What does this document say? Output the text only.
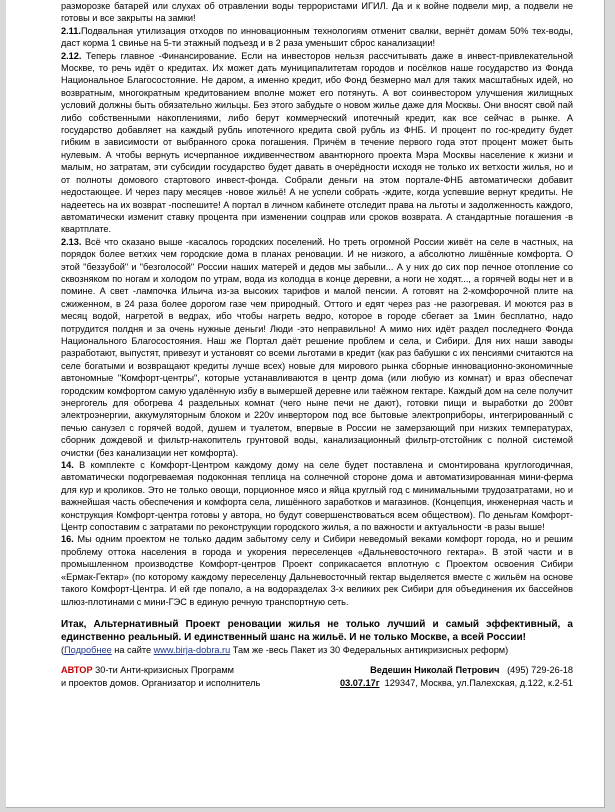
разморозке батарей или слухах об отравлении воды террористами ИГИЛ. Да и к войне подвели мир, а подвели не готовы и все закрыты на замки!

2.11.Подвальная утилизация отходов по инновационным технологиям отменит свалки, вернёт домам 50% тех-воды, даст корма 1 свинье на 5-ти этажный подъезд и в 2 раза уменьшит сброс канализации!

2.12. Теперь главное -Финансирование. Если на инвесторов нельзя рассчитывать даже в инвест-привлекательной Москве, то речь идёт о кредитах. Их может дать муниципалитетам городов и посёлков наше государство из Фонда Национальное Благосостояние. Не даром, а именно кредит, ибо Фонд безмерно мал для таких масштабных идей, но возвратным, многократным кредитованием вполне может его потянуть. А вот соинвестором улучшения жилищных условий должны быть обязательно жильцы. Без этого забудьте о новом жилье даже для Москвы. Они вносят свой пай либо собственными накоплениями, либо берут коммерческий ипотечный кредит, как все сейчас в рынке. А государство добавляет на каждый рубль ипотечного кредита свой рубль из ФНБ. И процент по гос-кредиту будет гибким в зависимости от выбранного срока погашения. Причём в течение первого года этот процент может быть нулевым. А чтобы вернуть исчерпанное иждивенчеством авантюрного проекта Мэра Москвы население к жизни и малым, но затратам, эти субсидии государство будет давать в очерёдности исходя не только их ветхости жилья, но и от полноты домового стартового инвест-фонда. Собрали деньги на этом портале-ФНБ автоматически добавит недостающее. И через пару месяцев -новое жильё! А не успели собрать -ждите, когда успевшие вернут кредиты. Не надеетесь на их возврат -поспешите! А портал в личном кабинете отследит права на льготы и задолженность каждого, автоматически изменит ставку процента при изменении соцправ или сроков возврата. А стандартные погашения -в квартплате.

2.13. Всё что сказано выше -касалось городских поселений. Но треть огромной России живёт на селе в частных, на порядок более ветхих чем городские дома в планах реновации. И не низкого, а абсолютно лишённые комфорта. О этой "беззубой" и "безголосой" России наших матерей и дедов мы забыли... А у них до сих пор печное отопление со сквозняком по ногам и холодом по утрам, вода из колодца в конце деревни, а ноги не ходят..., а горячей воды нет и в помине. А свет -лампочка Ильича из-за высоких тарифов и малой пенсии. А готовят на 2-комфорочной плите на сжиженном, в 24 раза более дорогом газе чем природный. Оттого и едят через раз -не разогревая. И моются раз в месяц водой, нагретой в ведрах, ибо чтобы нагреть ведро, которое в городе сбегает за 1мин бесплатно, надо потрудится полдня и за очень нужные деньги! Люди -это неправильно! А мимо них идёт раздел последнего Фонда Национального Благосостояния. Наш же Портал даёт решение проблем и села, и Сибири. Для них наши заводы разработают, выпустят, привезут и установят со всеми льготами в кредит (как раз бабушки с их пенсиями считаются на селе богатыми и возвращают кредиты лучше всех) новые для мирового рынка сборные инновационно-экономичные автономные "Комфорт-центры", которые устанавливаются в центр дома (или любую из комнат) и враз обеспечат городским комфортом самую удалённую избу в вымершей деревне или таёжном гектаре. Каждый дом на селе получит энергогель для обогрева 4 раздельных комнат (чего ныне печи не дают), готовки пищи и выработки до 200вт электроэнергии, аккумуляторным блоком и 220v инвертором под все бытовые электроприборы, интегрированный с печью санузел с горячей водой, душем и туалетом, впервые в России не замерзающий при низких температурах, сборник дождевой и фильтр-накопитель грунтовой воды, канализационный фильтр-отстойник с полной системой очистки (без канализации нет комфорта).

14. В комплекте с Комфорт-Центром каждому дому на селе будет поставлена и смонтирована круглогодичная, автоматически подогреваемая подоконная теплица на солнечной стороне дома и автоматизированная мини-ферма для кур и кроликов. Это не только овощи, порционное мясо и яйца круглый год с минимальными трудозатратами, но и важнейшая часть обеспечения и комфорта села, лишённого заработков и магазинов. (Концепция, инженерная часть и конструкция Комфорт-центра готовы у автора, но будут совершенствоваться всем обществом). По деньгам Комфорт-Центр сопоставим с затратами по реконструкции городского жилья, а по важности и актуальности -в разы выше!

16. Мы одним проектом не только дадим забытому селу и Сибири неведомый веками комфорт города, но и решим проблему оттока населения в города и укорения переселенцев «Дальневосточного гектара». В этой части и в промышленном производстве Комфорт-центров Проект соприкасается вплотную с Проектом освоения Сибири «Ермак-Гектар» (по которому каждому переселенцу Дальневосточный гектар выделяется вместе с жильём на основе такого Комфорт-Центра. И ей где попало, а на водоразделах 3-х великих рек Сибири для объединения их бассейнов шлюз-плотинами с мини-ГЭС в единую речную транспортную сеть.

Итак, Альтернативный Проект реновации жилья не только лучший и самый эффективный, а единственно реальный. И единственный шанс на жильё. И не только Москве, а всей России!

(Подробнее на сайте www.birja-dobra.ru Там же -весь Пакет из 30 Федеральных антикризисных реформ)

АВТОР 30-ти Анти-кризисных Программ	Ведешин Николай Петрович (495) 729-26-18
и проектов домов. Организатор и исполнитель	03.07.17г 129347, Москва, ул.Палехская, д.122, к.2-51
